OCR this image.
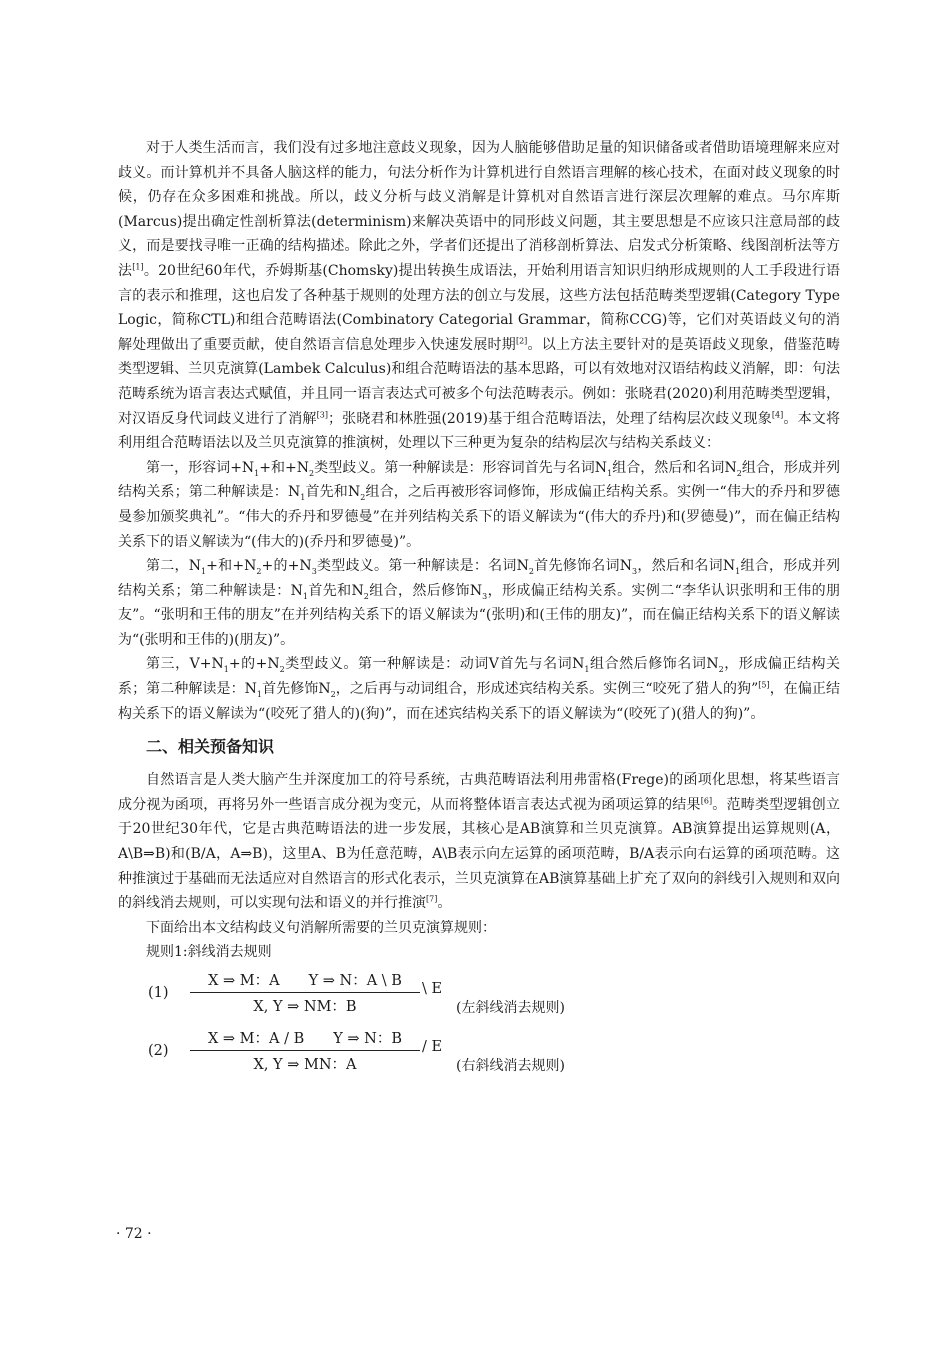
对于人类生活而言，我们没有过多地注意歧义现象，因为人脑能够借助足量的知识储备或者借助语境理解来应对歧义。而计算机并不具备人脑这样的能力，句法分析作为计算机进行自然语言理解的核心技术，在面对歧义现象的时候，仍存在众多困难和挑战。所以，歧义分析与歧义消解是计算机对自然语言进行深层次理解的难点。马尔库斯(Marcus)提出确定性剖析算法(determinism)来解决英语中的同形歧义问题，其主要思想是不应该只注意局部的歧义，而是要找寻唯一正确的结构描述。除此之外，学者们还提出了消移剖析算法、启发式分析策略、线图剖析法等方法[1]。20世纪60年代，乔姆斯基(Chomsky)提出转换生成语法，开始利用语言知识归纳形成规则的人工手段进行语言的表示和推理，这也启发了各种基于规则的处理方法的创立与发展，这些方法包括范畴类型逻辑(Category Type Logic，简称CTL)和组合范畴语法(Combinatory Categorial Grammar，简称CCG)等，它们对英语歧义句的消解处理做出了重要贡献，使自然语言信息处理步入快速发展时期[2]。以上方法主要针对的是英语歧义现象，借鉴范畴类型逻辑、兰贝克演算(Lambek Calculus)和组合范畴语法的基本思路，可以有效地对汉语结构歧义消解，即：句法范畴系统为语言表达式赋值，并且同一语言表达式可被多个句法范畴表示。例如：张晓君(2020)利用范畴类型逻辑，对汉语反身代词歧义进行了消解[3]；张晓君和林胜强(2019)基于组合范畴语法，处理了结构层次歧义现象[4]。本文将利用组合范畴语法以及兰贝克演算的推演树，处理以下三种更为复杂的结构层次与结构关系歧义：

第一，形容词$+N_1+$和$+N_2$类型歧义。第一种解读是：形容词首先与名词$N_1$组合，然后和名词$N_2$组合，形成并列结构关系；第二种解读是：$N_1$首先和$N_2$组合，之后再被形容词修饰，形成偏正结构关系。实例一“伟大的乔丹和罗德曼参加颁奖典礼”。“伟大的乔丹和罗德曼”在并列结构关系下的语义解读为“(伟大的乔丹)和(罗德曼)”，而在偏正结构关系下的语义解读为“(伟大的)(乔丹和罗德曼)”。

第二，$N_1+$和$+N_2+$的$+N_3$类型歧义。第一种解读是：名词$N_2$首先修饰名词$N_3$，然后和名词$N_1$组合，形成并列结构关系；第二种解读是：$N_1$首先和$N_2$组合，然后修饰$N_3$，形成偏正结构关系。实例二“李华认识张明和王伟的朋友”。“张明和王伟的朋友”在并列结构关系下的语义解读为“(张明)和(王伟的朋友)”，而在偏正结构关系下的语义解读为“(张明和王伟的)(朋友)”。

第三，$V+N_1+$的$+N_2$类型歧义。第一种解读是：动词V首先与名词$N_1$组合然后修饰名词$N_2$，形成偏正结构关系；第二种解读是：$N_1$首先修饰$N_2$，之后再与动词组合，形成述宾结构关系。实例三“咬死了猎人的狗”[5]，在偏正结构关系下的语义解读为“(咬死了猎人的)(狗)”，而在述宾结构关系下的语义解读为“(咬死了)(猎人的狗)”。

二、相关预备知识

自然语言是人类大脑产生并深度加工的符号系统，古典范畴语法利用弗雷格(Frege)的函项化思想，将某些语言成分视为函项，再将另外一些语言成分视为变元，从而将整体语言表达式视为函项运算的结果[6]。范畴类型逻辑创立于20世纪30年代，它是古典范畴语法的进一步发展，其核心是AB演算和兰贝克演算。AB演算提出运算规则(A，A\B⇒B)和(B/A，A⇒B)，这里A、B为任意范畴，A\B表示向左运算的函项范畴，B/A表示向右运算的函项范畴。这种推演过于基础而无法适应对自然语言的形式化表示，兰贝克演算在AB演算基础上扩充了双向的斜线引入规则和双向的斜线消去规则，可以实现句法和语义的并行推演[7]。

下面给出本文结构歧义句消解所需要的兰贝克演算规则：

规则1:斜线消去规则

(1)
X ⇒ M：A　　Y ⇒ N：A \ B
X, Y ⇒ NM：B
\ E
(左斜线消去规则)
(2)
X ⇒ M：A / B　　Y ⇒ N：B
X, Y ⇒ MN：A
/ E
(右斜线消去规则)
· 72 ·
